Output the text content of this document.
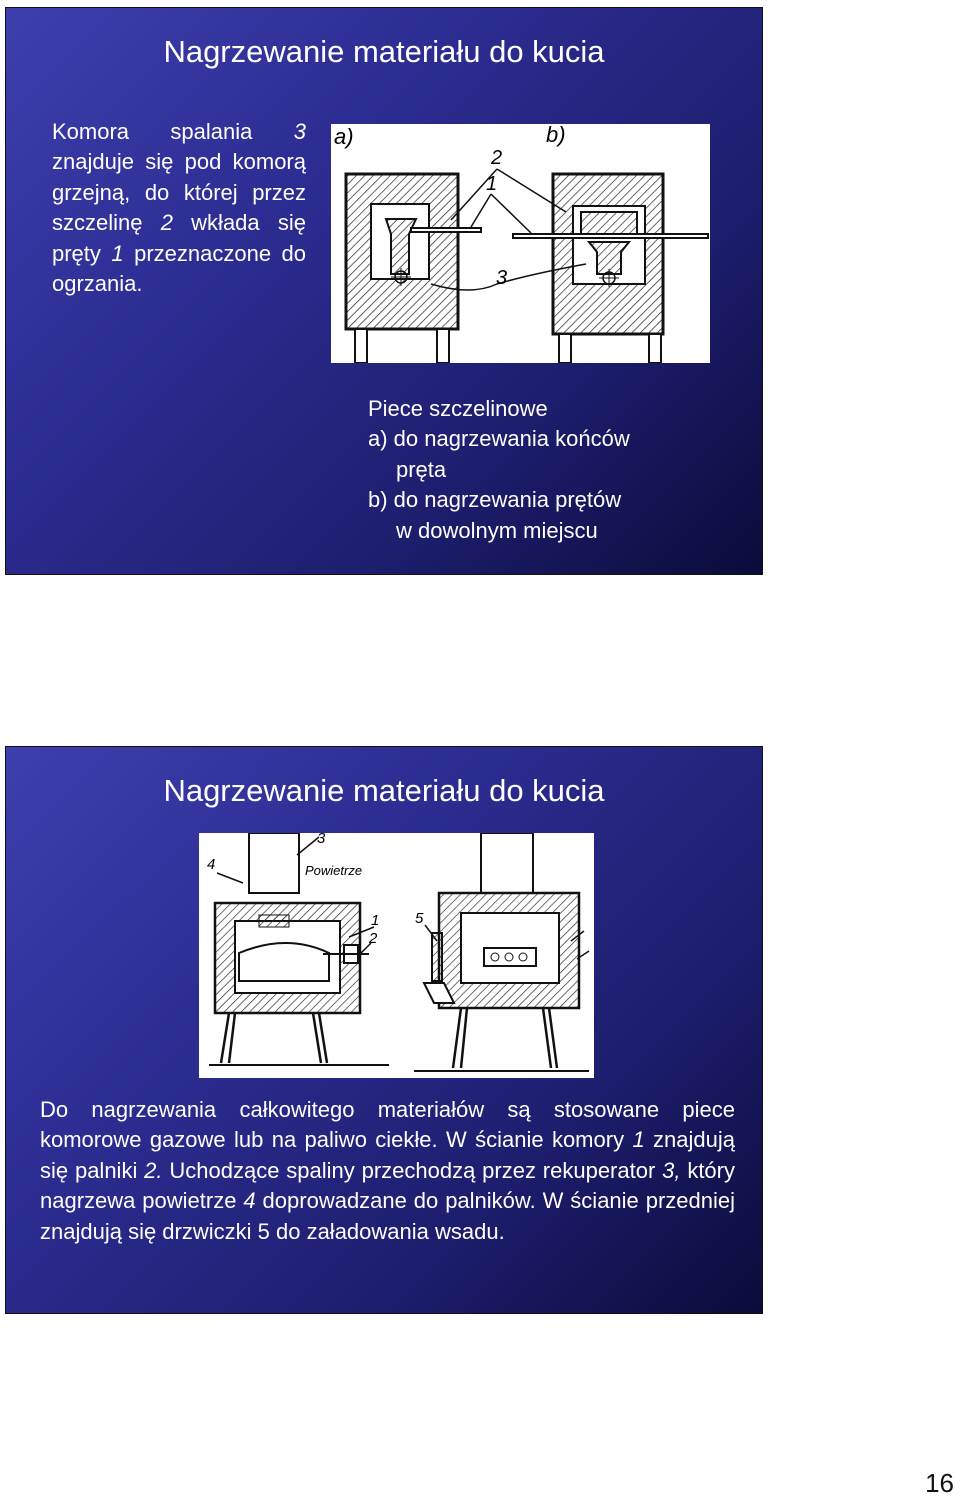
Nagrzewanie materiału do kucia
Komora spalania 3 znajduje się pod komorą grzejną, do której przez szczelinę 2 wkłada się pręty 1 przeznaczone do ogrzania.
a)	b)
2
1
3
Piece szczelinowe
a) do nagrzewania końców
pręta
b) do nagrzewania prętów
w dowolnym miejscu
Nagrzewanie materiału do kucia
4
3
Powietrze
1
2
5
Do nagrzewania całkowitego materiałów są stosowane piece komorowe gazowe lub na paliwo ciekłe. W ścianie komory 1 znajdują się palniki 2. Uchodzące spaliny przechodzą przez rekuperator 3, który nagrzewa powietrze 4 doprowadzane do palników. W ścianie przedniej znajdują się drzwiczki 5 do załadowania wsadu.
16
